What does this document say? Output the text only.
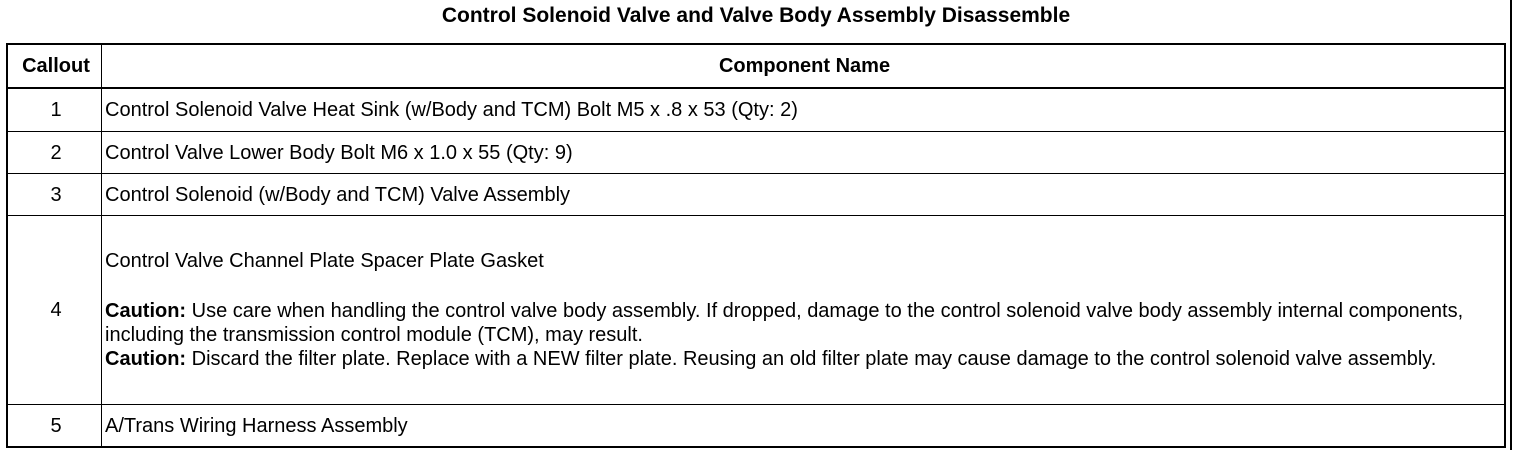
Control Solenoid Valve and Valve Body Assembly Disassemble
Callout	Component Name
1	Control Solenoid Valve Heat Sink (w/Body and TCM) Bolt M5 x .8 x 53 (Qty: 2)
2	Control Valve Lower Body Bolt M6 x 1.0 x 55 (Qty: 9)
3	Control Solenoid (w/Body and TCM) Valve Assembly
4	Control Valve Channel Plate Spacer Plate Gasket
Caution: Use care when handling the control valve body assembly. If dropped, damage to the control solenoid valve body assembly internal components, including the transmission control module (TCM), may result.
Caution: Discard the filter plate. Replace with a NEW filter plate. Reusing an old filter plate may cause damage to the control solenoid valve assembly.

5	A/Trans Wiring Harness Assembly
